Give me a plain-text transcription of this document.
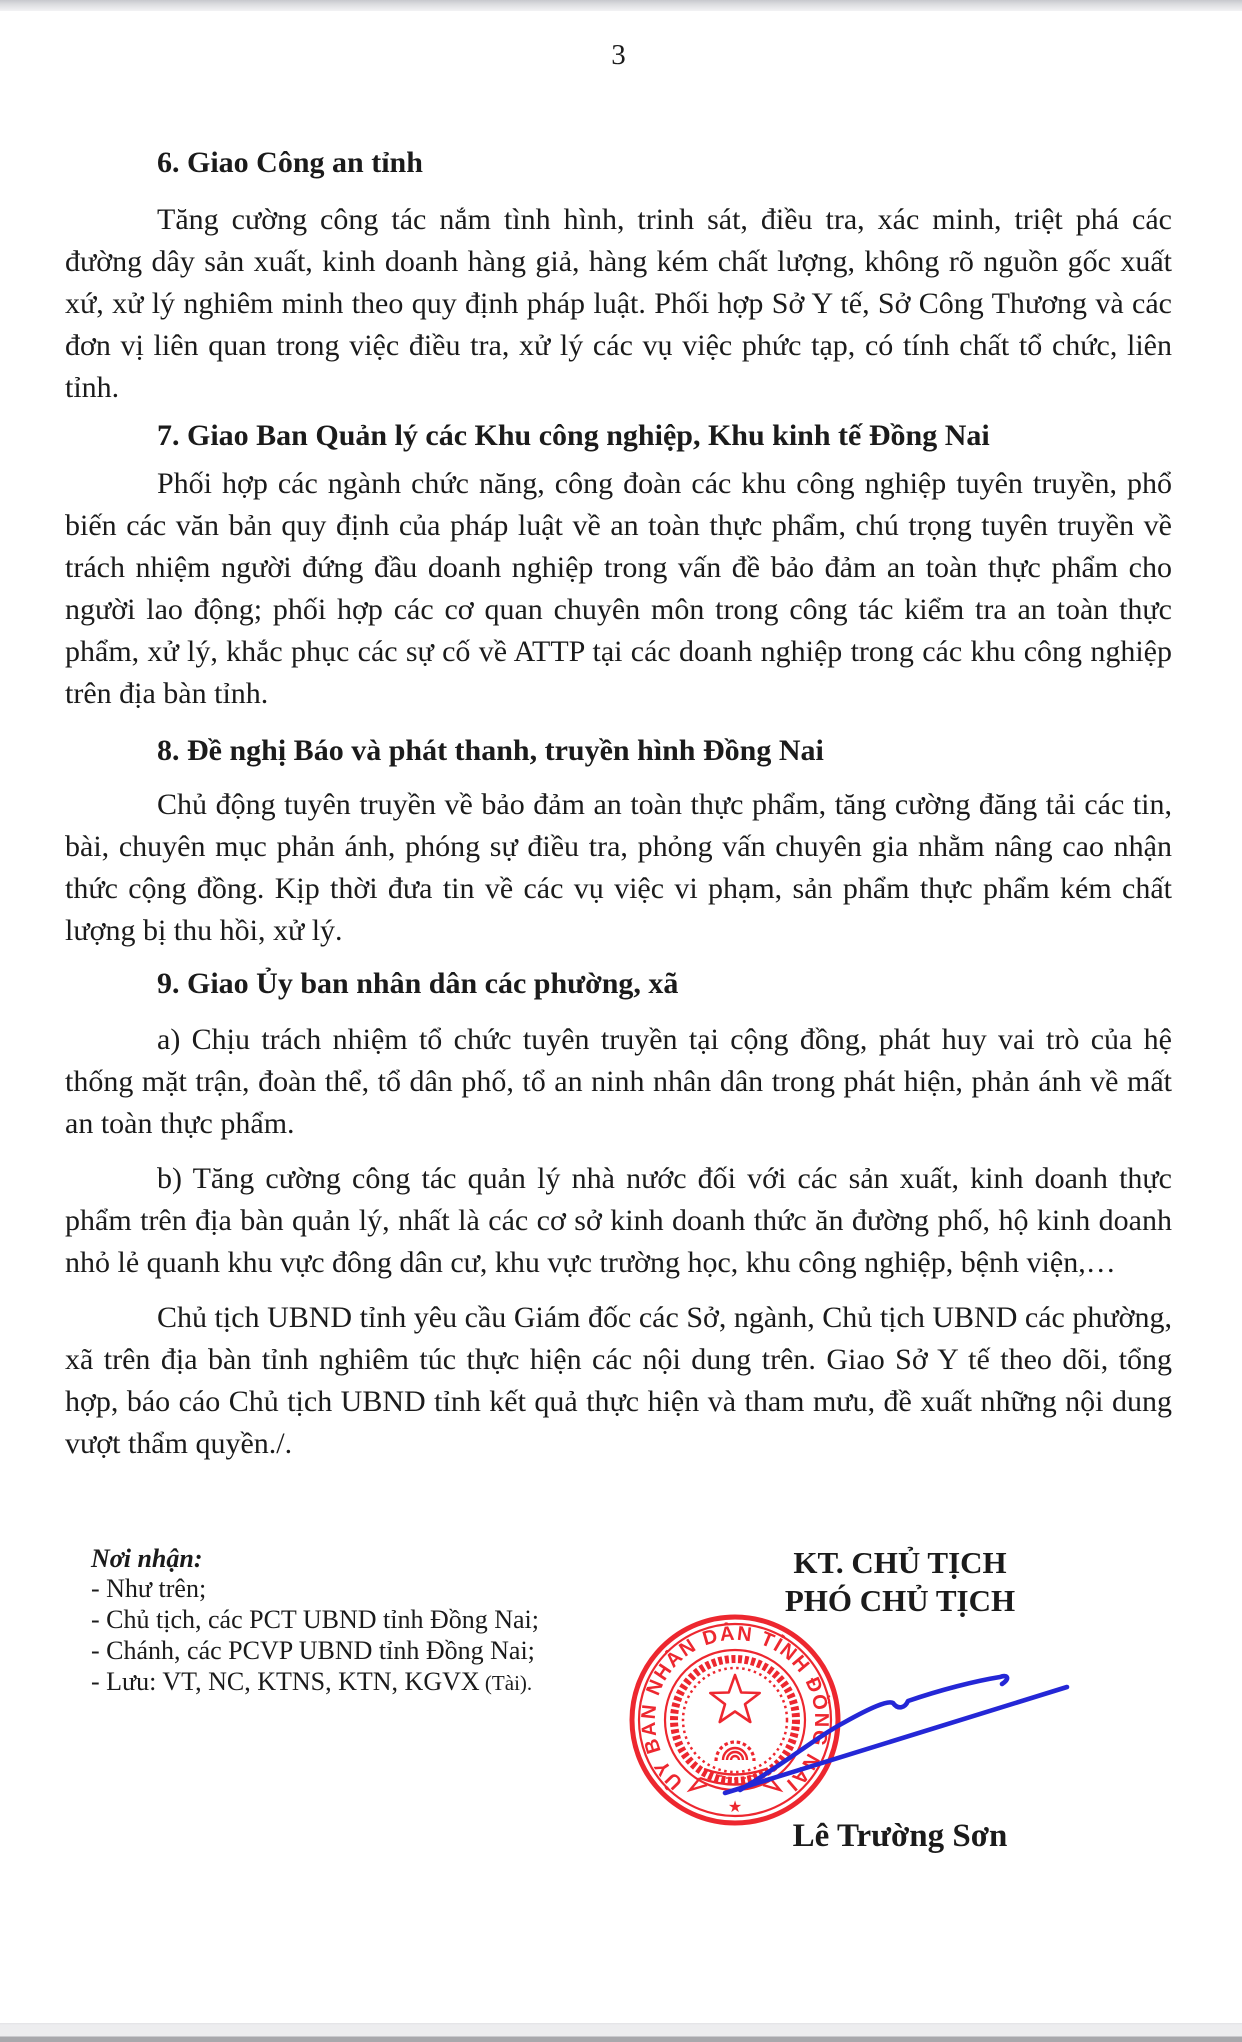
3
6. Giao Công an tỉnh

Tăng cường công tác nắm tình hình, trinh sát, điều tra, xác minh, triệt phá các đường dây sản xuất, kinh doanh hàng giả, hàng kém chất lượng, không rõ nguồn gốc xuất xứ, xử lý nghiêm minh theo quy định pháp luật. Phối hợp Sở Y tế, Sở Công Thương và các đơn vị liên quan trong việc điều tra, xử lý các vụ việc phức tạp, có tính chất tổ chức, liên tỉnh.

7. Giao Ban Quản lý các Khu công nghiệp, Khu kinh tế Đồng Nai

Phối hợp các ngành chức năng, công đoàn các khu công nghiệp tuyên truyền, phổ biến các văn bản quy định của pháp luật về an toàn thực phẩm, chú trọng tuyên truyền về trách nhiệm người đứng đầu doanh nghiệp trong vấn đề bảo đảm an toàn thực phẩm cho người lao động; phối hợp các cơ quan chuyên môn trong công tác kiểm tra an toàn thực phẩm, xử lý, khắc phục các sự cố về ATTP tại các doanh nghiệp trong các khu công nghiệp trên địa bàn tỉnh.

8. Đề nghị Báo và phát thanh, truyền hình Đồng Nai

Chủ động tuyên truyền về bảo đảm an toàn thực phẩm, tăng cường đăng tải các tin, bài, chuyên mục phản ánh, phóng sự điều tra, phỏng vấn chuyên gia nhằm nâng cao nhận thức cộng đồng. Kịp thời đưa tin về các vụ việc vi phạm, sản phẩm thực phẩm kém chất lượng bị thu hồi, xử lý.

9. Giao Ủy ban nhân dân các phường, xã

a) Chịu trách nhiệm tổ chức tuyên truyền tại cộng đồng, phát huy vai trò của hệ thống mặt trận, đoàn thể, tổ dân phố, tổ an ninh nhân dân trong phát hiện, phản ánh về mất an toàn thực phẩm.

b) Tăng cường công tác quản lý nhà nước đối với các sản xuất, kinh doanh thực phẩm trên địa bàn quản lý, nhất là các cơ sở kinh doanh thức ăn đường phố, hộ kinh doanh nhỏ lẻ quanh khu vực đông dân cư, khu vực trường học, khu công nghiệp, bệnh viện,…

Chủ tịch UBND tỉnh yêu cầu Giám đốc các Sở, ngành, Chủ tịch UBND các phường, xã trên địa bàn tỉnh nghiêm túc thực hiện các nội dung trên. Giao Sở Y tế theo dõi, tổng hợp, báo cáo Chủ tịch UBND tỉnh kết quả thực hiện và tham mưu, đề xuất những nội dung vượt thẩm quyền./.

Nơi nhận:
- Như trên;
- Chủ tịch, các PCT UBND tỉnh Đồng Nai;
- Chánh, các PCVP UBND tỉnh Đồng Nai;
- Lưu: VT, NC, KTNS, KTN, KGVX (Tài).
KT. CHỦ TỊCH
PHÓ CHỦ TỊCH
ỦY BAN NHÂN DÂN TỈNH ĐỒNG NAI
★
Lê Trường Sơn
